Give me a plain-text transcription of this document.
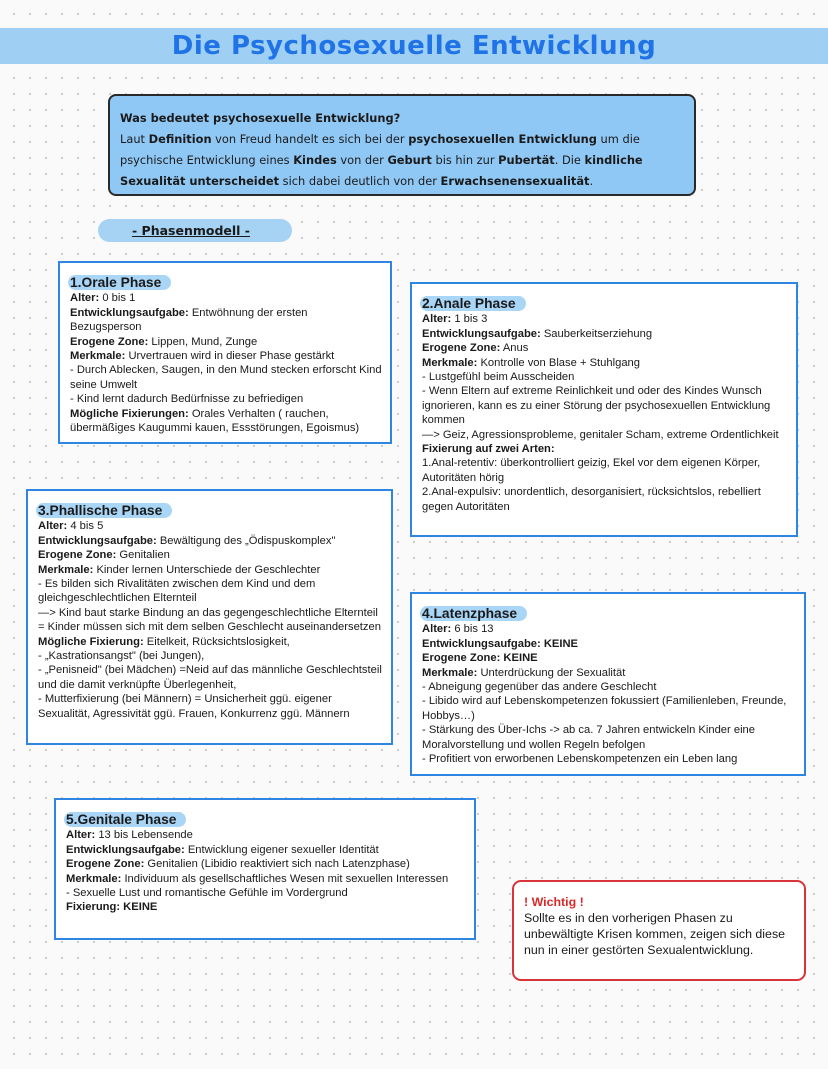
Die Psychosexuelle Entwicklung
Was bedeutet psychosexuelle Entwicklung?
Laut Definition von Freud handelt es sich bei der psychosexuellen Entwicklung um die psychische Entwicklung eines Kindes von der Geburt bis hin zur Pubertät. Die kindliche Sexualität unterscheidet sich dabei deutlich von der Erwachsenensexualität.
- Phasenmodell -
1.Orale Phase

Alter: 0 bis 1

Entwicklungsaufgabe: Entwöhnung der ersten Bezugsperson

Erogene Zone: Lippen, Mund, Zunge

Merkmale: Urvertrauen wird in dieser Phase gestärkt

- Durch Ablecken, Saugen, in den Mund stecken erforscht Kind seine Umwelt

- Kind lernt dadurch Bedürfnisse zu befriedigen

Mögliche Fixierungen: Orales Verhalten ( rauchen, übermäßiges Kaugummi kauen, Essstörungen, Egoismus)

2.Anale Phase

Alter: 1 bis 3

Entwicklungsaufgabe: Sauberkeitserziehung

Erogene Zone: Anus

Merkmale: Kontrolle von Blase + Stuhlgang

- Lustgefühl beim Ausscheiden

- Wenn Eltern auf extreme Reinlichkeit und oder des Kindes Wunsch ignorieren, kann es zu einer Störung der psychosexuellen Entwicklung kommen

—> Geiz, Agressionsprobleme, genitaler Scham, extreme Ordentlichkeit

Fixierung auf zwei Arten:

1.Anal-retentiv: überkontrolliert geizig, Ekel vor dem eigenen Körper, Autoritäten hörig

2.Anal-expulsiv: unordentlich, desorganisiert, rücksichtslos, rebelliert gegen Autoritäten

3.Phallische Phase

Alter: 4 bis 5

Entwicklungsaufgabe: Bewältigung des „Ödispuskomplex"

Erogene Zone: Genitalien

Merkmale: Kinder lernen Unterschiede der Geschlechter

- Es bilden sich Rivalitäten zwischen dem Kind und dem gleichgeschlechtlichen Elternteil

—> Kind baut starke Bindung an das gegengeschlechtliche Elternteil = Kinder müssen sich mit dem selben Geschlecht auseinandersetzen

Mögliche Fixierung: Eitelkeit, Rücksichtslosigkeit,

- „Kastrationsangst" (bei Jungen),

- „Penisneid" (bei Mädchen) =Neid auf das männliche Geschlechtsteil und die damit verknüpfte Überlegenheit,

- Mutterfixierung (bei Männern) = Unsicherheit ggü. eigener Sexualität, Agressivität ggü. Frauen, Konkurrenz ggü. Männern

4.Latenzphase

Alter: 6 bis 13

Entwicklungsaufgabe: KEINE

Erogene Zone: KEINE

Merkmale: Unterdrückung der Sexualität

- Abneigung gegenüber das andere Geschlecht

- Libido wird auf Lebenskompetenzen fokussiert (Familienleben, Freunde, Hobbys…)

- Stärkung des Über-Ichs -> ab ca. 7 Jahren entwickeln Kinder eine Moralvorstellung und wollen Regeln befolgen

- Profitiert von erworbenen Lebenskompetenzen ein Leben lang

5.Genitale Phase

Alter: 13 bis Lebensende

Entwicklungsaufgabe: Entwicklung eigener sexueller Identität

Erogene Zone: Genitalien (Libidio reaktiviert sich nach Latenzphase)

Merkmale: Individuum als gesellschaftliches Wesen mit sexuellen Interessen

- Sexuelle Lust und romantische Gefühle im Vordergrund

Fixierung: KEINE	! Wichtig !
Sollte es in den vorherigen Phasen zu unbewältigte Krisen kommen, zeigen sich diese nun in einer gestörten Sexualentwicklung.
